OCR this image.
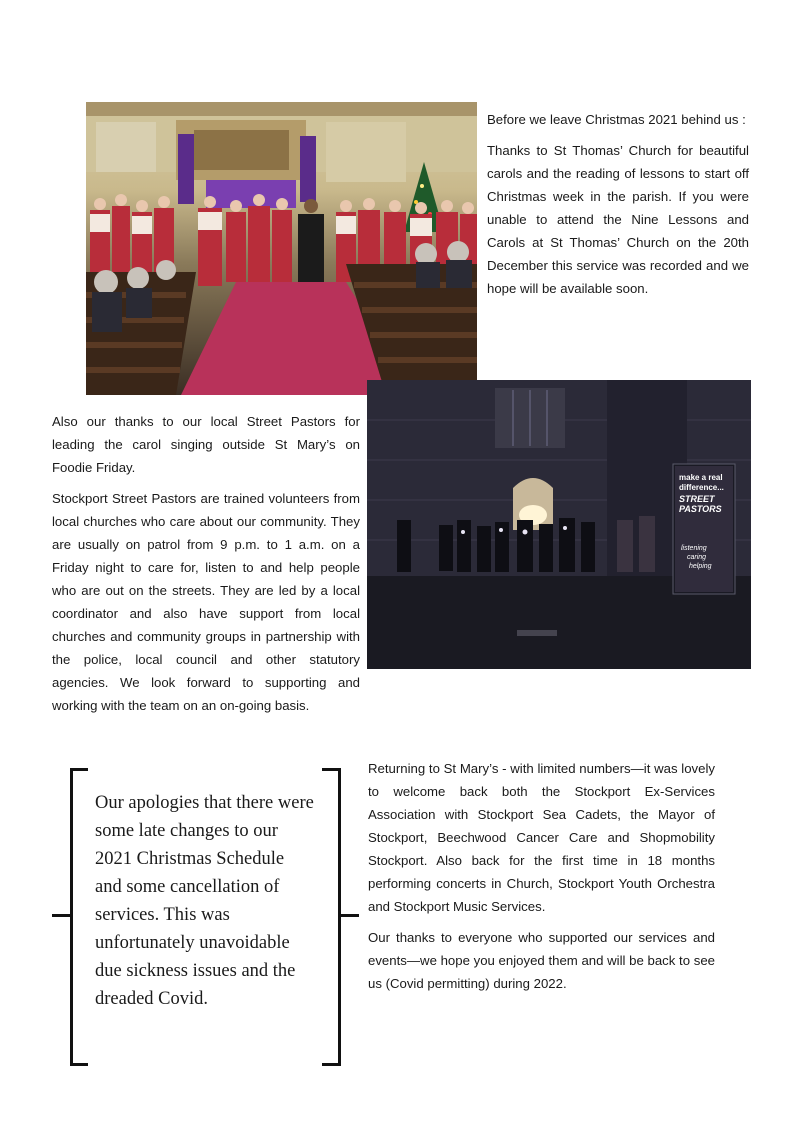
Before we leave Christmas 2021 behind us :

Thanks to St Thomas’ Church for beautiful carols and the reading of lessons to start off Christmas week in the parish. If you were unable to attend the Nine Lessons and Carols at St Thomas’ Church on the 20th December this service was recorded and we hope will be available soon.

make a real
difference...
STREET
PASTORS
listening
caring
helping

Also our thanks to our local Street Pastors for leading the carol singing outside St Mary’s on Foodie Friday.

Stockport Street Pastors are trained volunteers from local churches who care about our community. They are usually on patrol from 9 p.m. to 1 a.m. on a Friday night to care for, listen to and help people who are out on the streets. They are led by a local coordinator and also have support from local churches and community groups in partnership with the police, local council and other statutory agencies. We look forward to supporting and working with the team on an on-going basis.

Our apologies that there were some late changes to our 2021 Christmas Schedule and some cancellation of services. This was unfortunately unavoidable due sickness issues and the dreaded Covid.

Returning to St Mary’s - with limited numbers—it was lovely to welcome back both the Stockport Ex-Services Association with Stockport Sea Cadets, the Mayor of Stockport, Beechwood Cancer Care and Shopmobility Stockport. Also back for the first time in 18 months performing concerts in Church, Stockport Youth Orchestra and Stockport Music Services.

Our thanks to everyone who supported our services and events—we hope you enjoyed them and will be back to see us (Covid permitting) during 2022.
